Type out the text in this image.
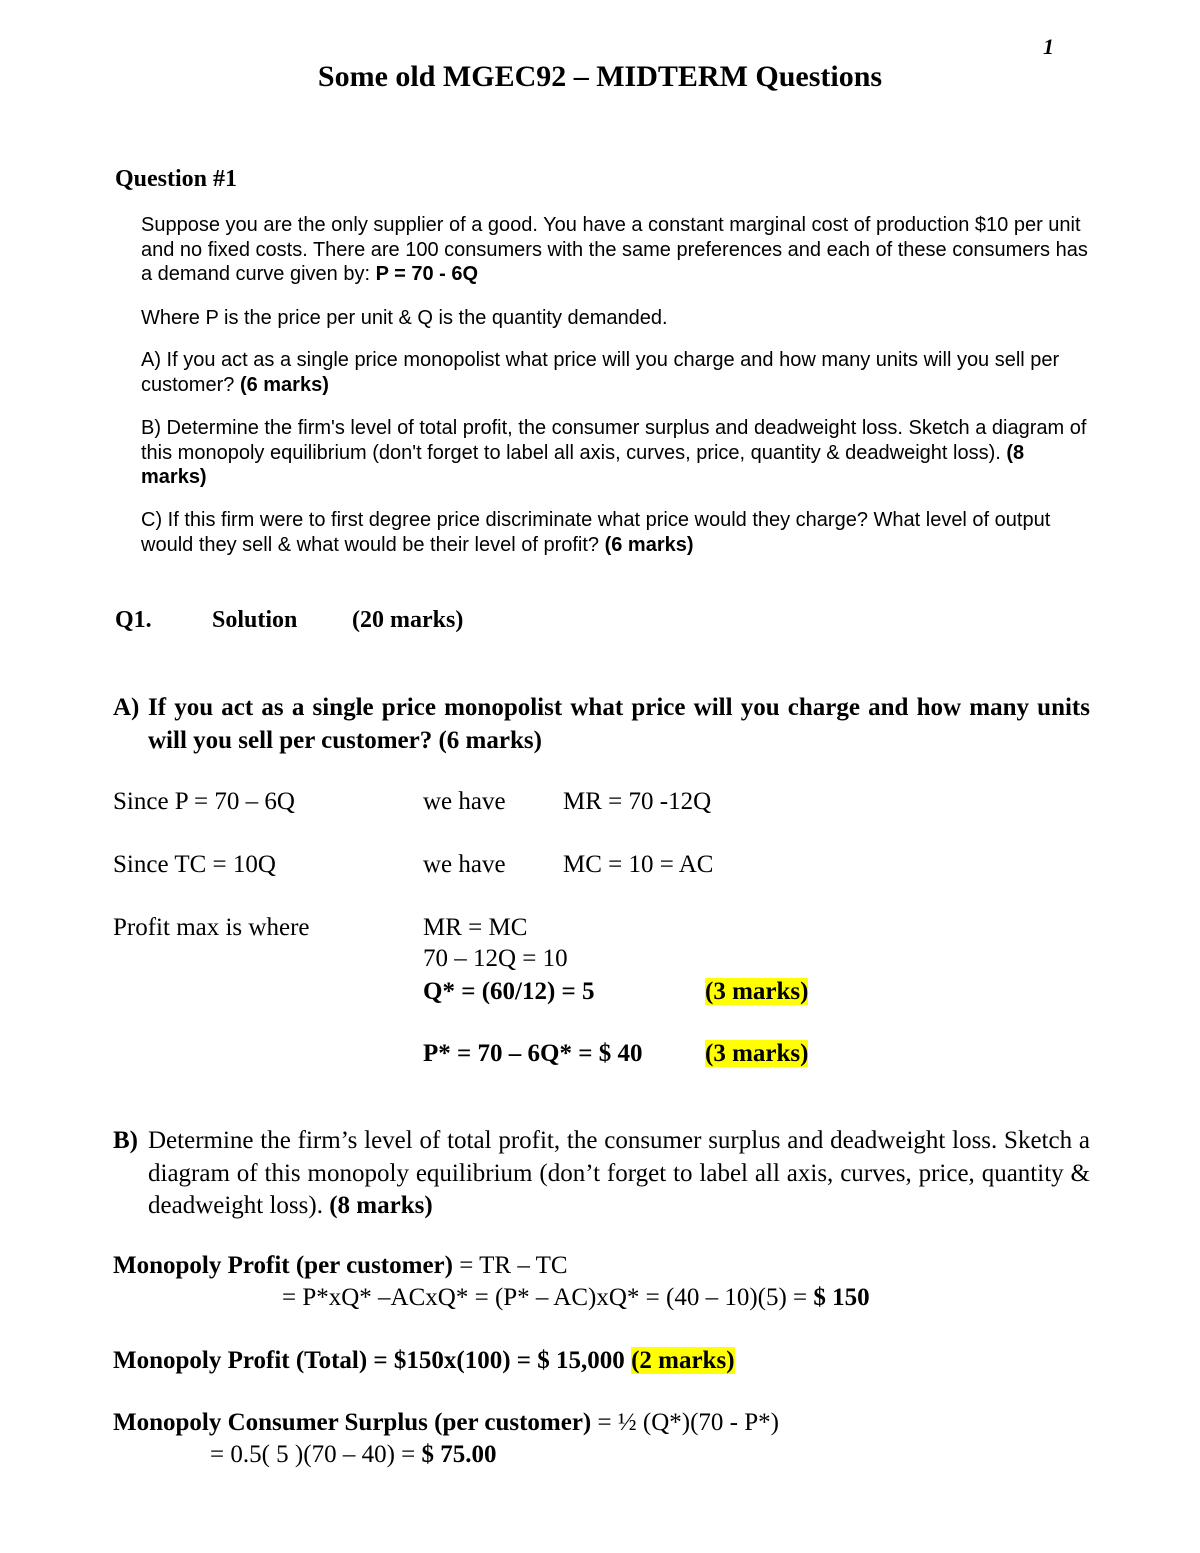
1
Some old MGEC92 – MIDTERM Questions
Question #1
Suppose you are the only supplier of a good. You have a constant marginal cost of production $10 per unit and no fixed costs. There are 100 consumers with the same preferences and each of these consumers has a demand curve given by: P = 70 - 6Q
Where P is the price per unit & Q is the quantity demanded.
A) If you act as a single price monopolist what price will you charge and how many units will you sell per customer? (6 marks)
B) Determine the firm's level of total profit, the consumer surplus and deadweight loss. Sketch a diagram of this monopoly equilibrium (don't forget to label all axis, curves, price, quantity & deadweight loss). (8 marks)
C) If this firm were to first degree price discriminate what price would they charge? What level of output would they sell & what would be their level of profit? (6 marks)
Q1.	Solution (20 marks)
A) If you act as a single price monopolist what price will you charge and how many units will you sell per customer? (6 marks)
Since P = 70 – 6Q	we have MR = 70 -12Q
Since TC = 10Q	we have MC = 10 = AC
Profit max is where	MR = MC
70 – 12Q = 10
Q* = (60/12) = 5	(3 marks)
P* = 70 – 6Q* = $ 40	(3 marks)
B) Determine the firm’s level of total profit, the consumer surplus and deadweight loss. Sketch a diagram of this monopoly equilibrium (don’t forget to label all axis, curves, price, quantity & deadweight loss). (8 marks)
Monopoly Profit (per customer) = TR – TC
= P*xQ* –ACxQ* = (P* – AC)xQ* = (40 – 10)(5) = $ 150
Monopoly Profit (Total) = $150x(100) = $ 15,000 (2 marks)
Monopoly Consumer Surplus (per customer) = ½ (Q*)(70 - P*)
= 0.5( 5 )(70 – 40) = $ 75.00
